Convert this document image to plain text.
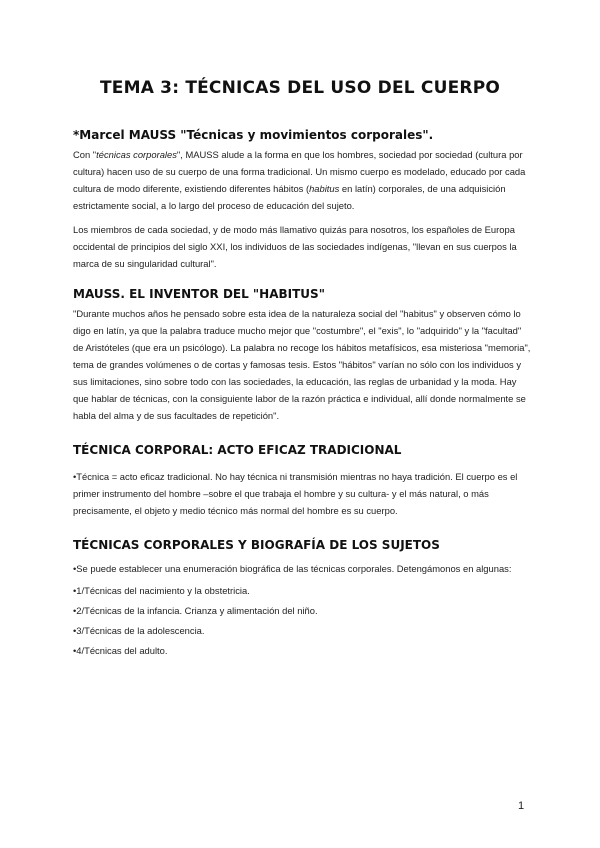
TEMA 3: TÉCNICAS DEL USO DEL CUERPO
*Marcel MAUSS "Técnicas y movimientos corporales".

Con "técnicas corporales", MAUSS alude a la forma en que los hombres, sociedad por sociedad (cultura por cultura) hacen uso de su cuerpo de una forma tradicional. Un mismo cuerpo es modelado, educado por cada cultura de modo diferente, existiendo diferentes hábitos (habitus en latín) corporales, de una adquisición estrictamente social, a lo largo del proceso de educación del sujeto.

Los miembros de cada sociedad, y de modo más llamativo quizás para nosotros, los españoles de Europa occidental de principios del siglo XXI, los individuos de las sociedades indígenas, "llevan en sus cuerpos la marca de su singularidad cultural".

MAUSS. EL INVENTOR DEL "HABITUS"

"Durante muchos años he pensado sobre esta idea de la naturaleza social del "habitus" y observen cómo lo digo en latín, ya que la palabra traduce mucho mejor que "costumbre", el "exis", lo "adquirido" y la "facultad" de Aristóteles (que era un psicólogo). La palabra no recoge los hábitos metafísicos, esa misteriosa "memoria", tema de grandes volúmenes o de cortas y famosas tesis. Estos "hábitos" varían no sólo con los individuos y sus limitaciones, sino sobre todo con las sociedades, la educación, las reglas de urbanidad y la moda. Hay que hablar de técnicas, con la consiguiente labor de la razón práctica e individual, allí donde normalmente se habla del alma y de sus facultades de repetición".

TÉCNICA CORPORAL: ACTO EFICAZ TRADICIONAL

•Técnica = acto eficaz tradicional. No hay técnica ni transmisión mientras no haya tradición. El cuerpo es el primer instrumento del hombre –sobre el que trabaja el hombre y su cultura- y el más natural, o más precisamente, el objeto y medio técnico más normal del hombre es su cuerpo.

TÉCNICAS CORPORALES Y BIOGRAFÍA DE LOS SUJETOS

•Se puede establecer una enumeración biográfica de las técnicas corporales. Detengámonos en algunas:

•1/Técnicas del nacimiento y la obstetricia.

•2/Técnicas de la infancia. Crianza y alimentación del niño.

•3/Técnicas de la adolescencia.

•4/Técnicas del adulto.

1
